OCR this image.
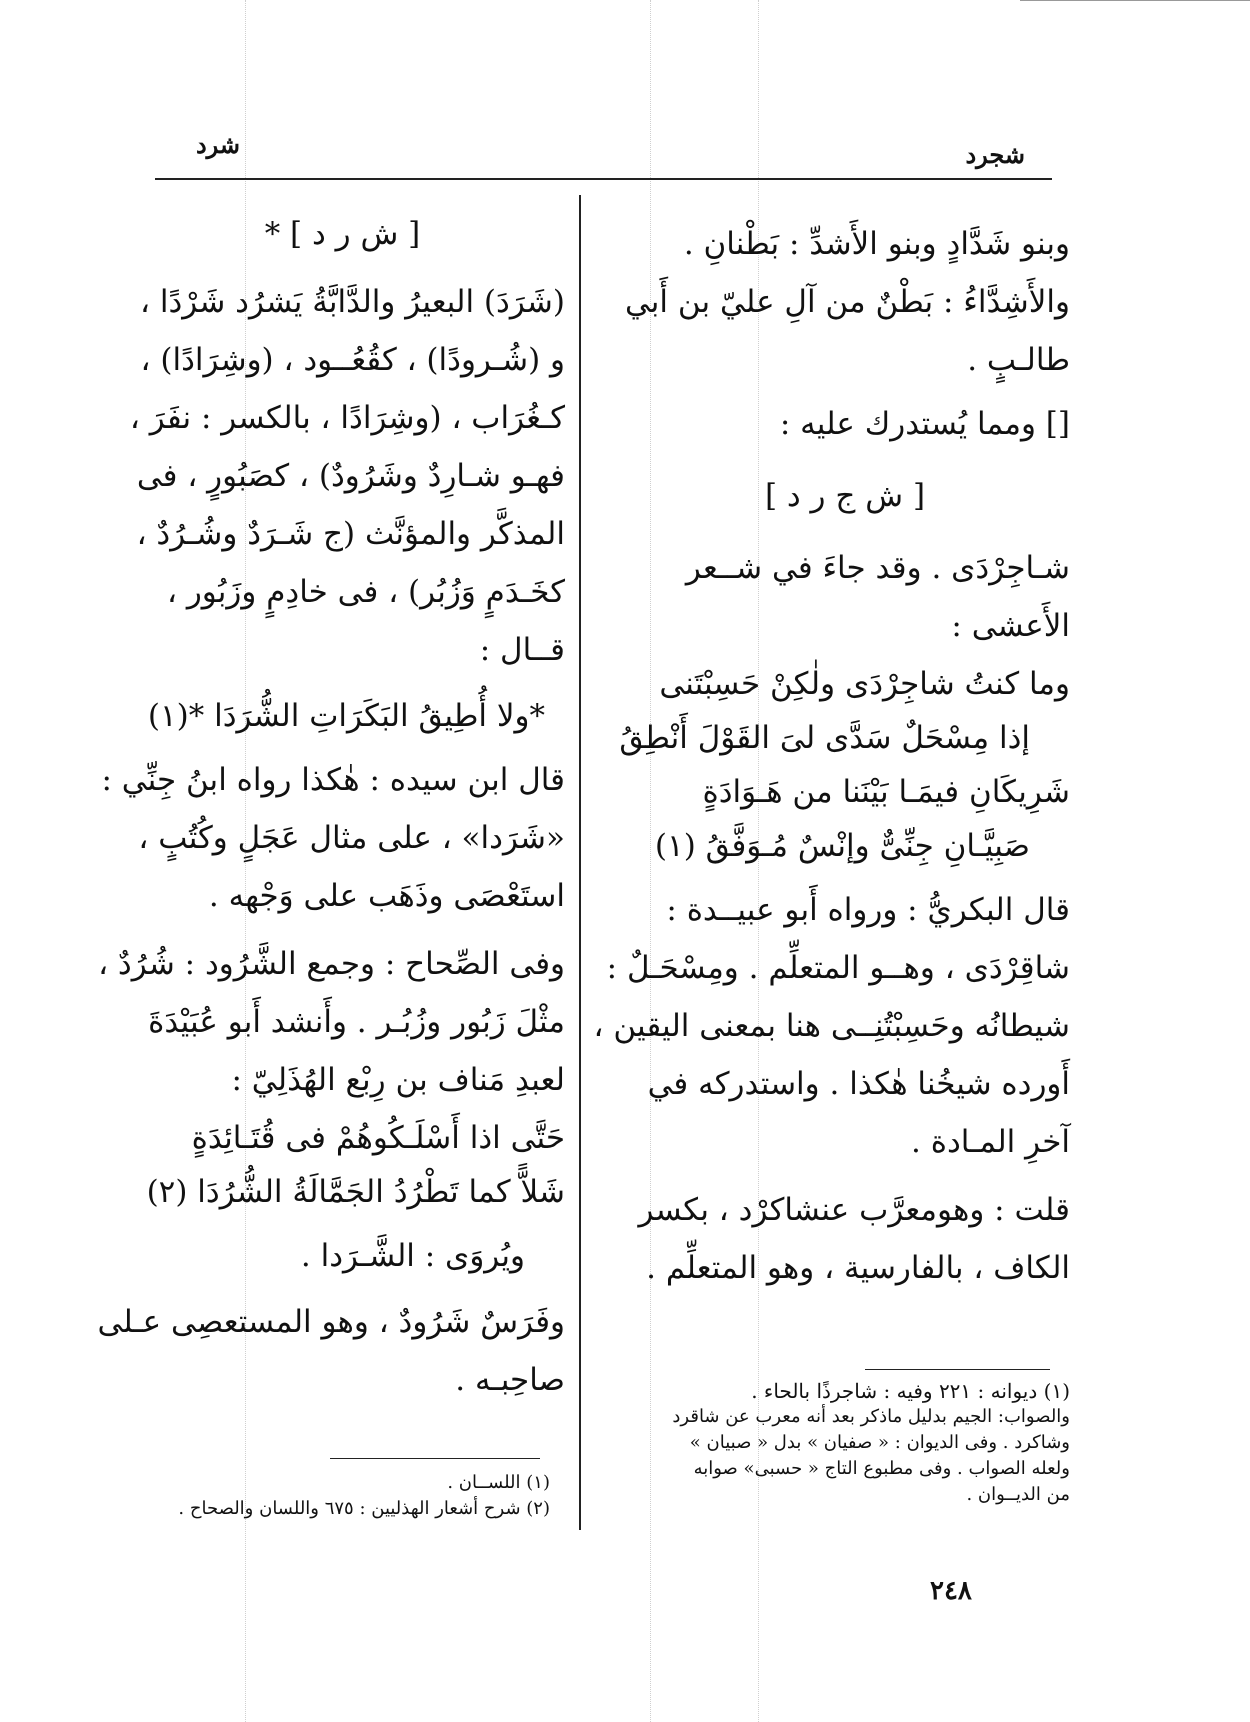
شجرد
شرد
وبنو شَدَّادٍ وبنو الأَشدِّ : بَطْنانِ .
والأَشِدَّاءُ : بَطْنٌ من آلِ عليّ بن أَبي
طالـبٍ .
[] ومما يُستدرك عليه :
[ ش ج ر د ]
شـاجِرْدَى . وقد جاءَ في شــعر
الأَعشى :
وما كنتُ شاجِرْدَى ولٰكِنْ حَسِبْتَنى
إذا مِسْحَلٌ سَدَّى لىَ القَوْلَ أَنْطِقُ
شَرِيكَانِ فيمَـا بَيْنَنا من هَـوَادَةٍ
صَبِيَّـانِ جِنِّىٌّ وإنْسٌ مُـوَفَّقُ (١)
قال البكريُّ : ورواه أَبو عبيــدة :
شاقِرْدَى ، وهــو المتعلِّم . ومِسْحَـلٌ :
شيطانُه وحَسِبْتُنِــى هنا بمعنى اليقين ،
أَورده شيخُنا هٰكذا . واستدركه في
آخرِ المـادة .
قلت : وهومعرَّب عنشاكرْد ، بكسر
الكاف ، بالفارسية ، وهو المتعلِّم .
(١) ديوانه : ٢٢١ وفيه : شاجرذًا بالحاء .
والصواب: الجيم بدليل ماذكر بعد أنه معرب عن شاقرد
وشاكرد . وفى الديوان : « صفيان » بدل « صبيان »
ولعله الصواب . وفى مطبوع التاج « حسبى» صوابه
من الديــوان .
[ ش ر د ] *
(شَرَدَ) البعيرُ والدَّابَّةُ يَشرُد شَرْدًا ،
و (شُـرودًا) ، كقُعُــود ، (وشِرَادًا) ،
كـغُرَاب ، (وشِرَادًا ، بالكسر : نفَرَ ،
فهـو شـارِدٌ وشَرُودٌ) ، كصَبُورٍ ، فى
المذكَّر والمؤنَّث (ج شَـرَدٌ وشُـرُدٌ ،
كخَـدَمٍ وَزُبُر) ، فى خادِمٍ وزَبُور ،
قــال :
*ولا أُطِيقُ البَكَرَاتِ الشُّرَدَا *(١)
قال ابن سيده : هٰكذا رواه ابنُ جِنِّي :
«شَرَدا» ، على مثال عَجَلٍ وكُتُبٍ ،
استَعْصَى وذَهَب على وَجْهه .
وفى الصِّحاح : وجمع الشَّرُود : شُرُدٌ ،
مثْلَ زَبُور وزُبُـر . وأَنشد أَبو عُبَيْدَةَ
لعبدِ مَناف بن رِبْع الهُذَلِيّ :
حَتَّى اذا أَسْلَـكُوهُمْ فى قُتَـائِدَةٍ
شَلاًّ كما تَطْرُدُ الجَمَّالَةُ الشُّرُدَا (٢)
ويُروَى : الشَّـرَدا .
وفَرَسٌ شَرُودٌ ، وهو المستعصِى عـلى
صاحِبـه .
(١) اللســان .
(٢) شرح أشعار الهذليين : ٦٧٥ واللسان والصحاح .
٢٤٨
